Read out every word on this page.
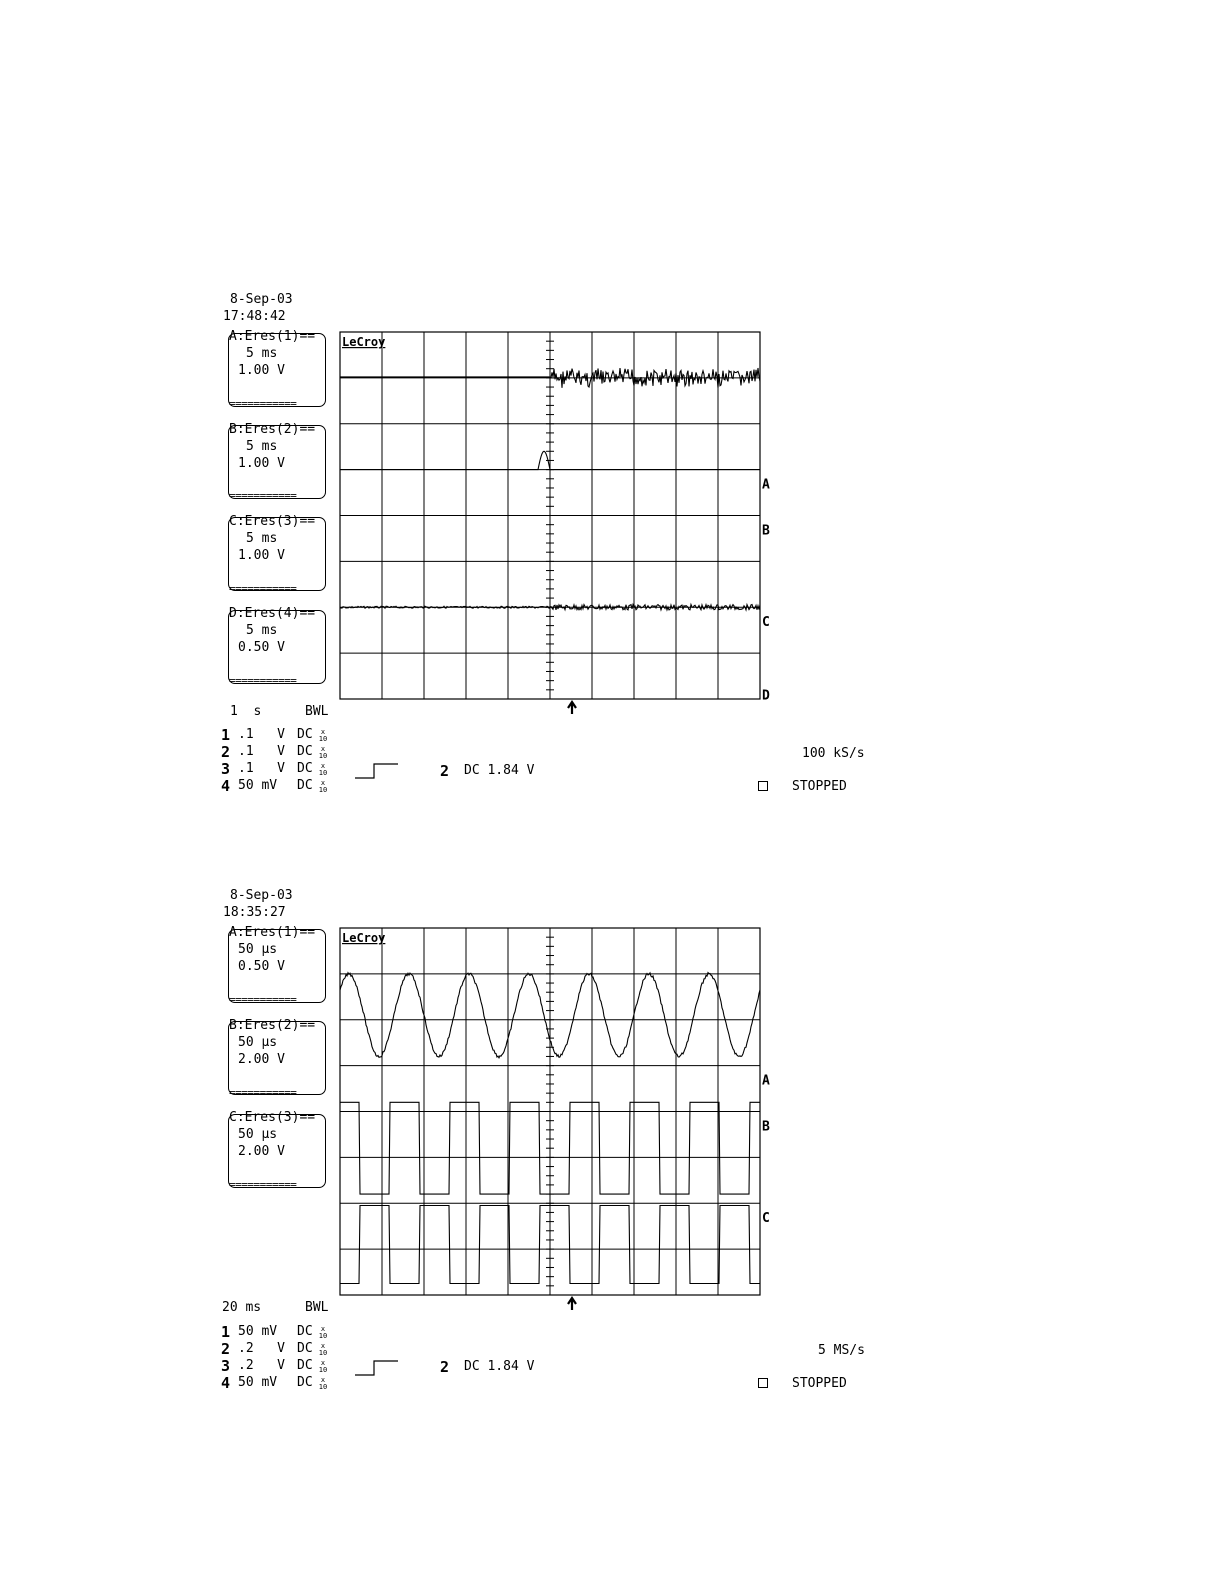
8-Sep-03
17:48:42
A:Eres(1)==
5 ms
1.00 V
===========
B:Eres(2)==
5 ms
1.00 V
===========
C:Eres(3)==
5 ms
1.00 V
===========
D:Eres(4)==
5 ms
0.50 V
===========
LeCroy
A
B
C
D
1  s	BWL
1 .1   V DC
2 .1   V DC
3 .1   V DC
4 50 mV DC
2 DC 1.84 V
100 kS/s
STOPPED
8-Sep-03
18:35:27
A:Eres(1)==
50 µs
0.50 V
===========
B:Eres(2)==
50 µs
2.00 V
===========
C:Eres(3)==
50 µs
2.00 V
===========
LeCroy
A
B
C
20 ms	BWL
1 50 mV DC
2 .2   V DC
3 .2   V DC
4 50 mV DC
2 DC 1.84 V
5 MS/s
STOPPED
x
10
x
10
x
10
x
10
x
10
x
10
x
10
x
10
